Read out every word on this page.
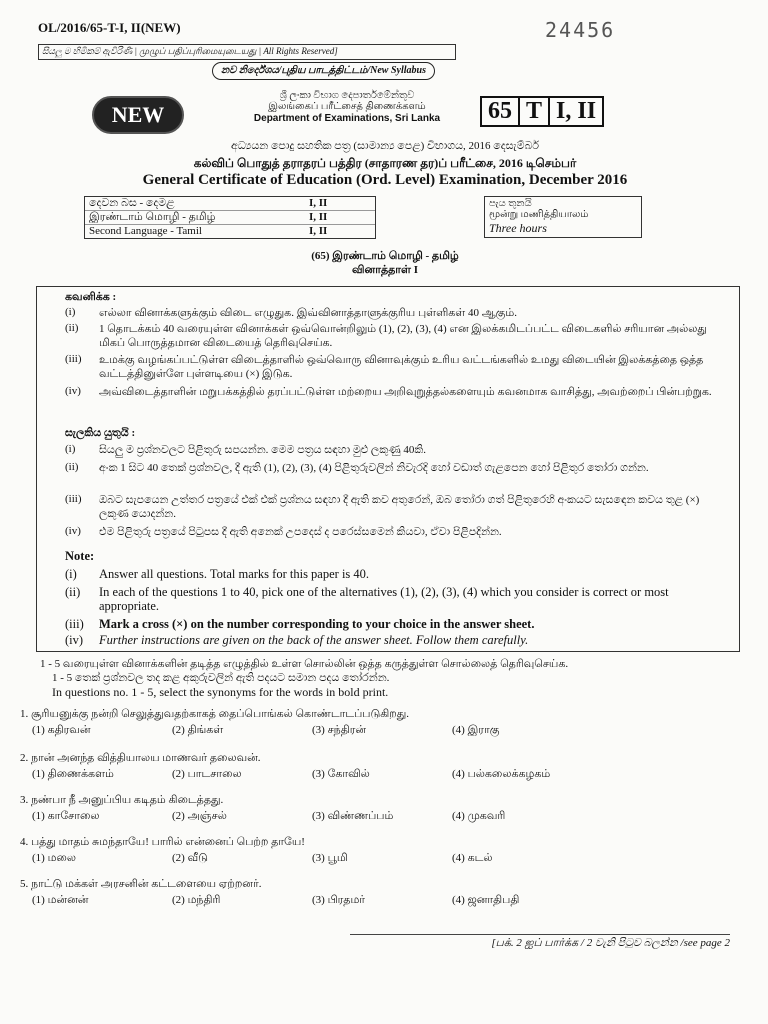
OL/2016/65-T-I, II(NEW)	24456
සියලු ම හිමිකම් ඇවිරිණි | முழுப் பதிப்புரிமையுடையது | All Rights Reserved]
නව නිර්දේශය/புதிய பாடத்திட்டம்/New Syllabus
NEW
ශ්‍රී ලංකා විභාග දෙපාර්තමේන්තුව
இலங்கைப் பரீட்சைத் திணைக்களம்
Department of Examinations, Sri Lanka	65 T I, II
අධ්‍යයන පොදු සහතික පත්‍ර (සාමාන්‍ය පෙළ) විභාගය, 2016 දෙසැම්බර්
கல்விப் பொதுத் தராதரப் பத்திர (சாதாரண தர)ப் பரீட்சை, 2016 டிசெம்பர்
General Certificate of Education (Ord. Level) Examination, December 2016
දෙවන බස - දෙමළ	I, II
இரண்டாம் மொழி - தமிழ்	I, II
Second Language - Tamil	I, II
පැය තුනයි
மூன்று மணித்தியாலம்
Three hours
(65) இரண்டாம் மொழி - தமிழ்
வினாத்தாள் I
கவனிக்க :
(i)	எல்லா வினாக்களுக்கும் விடை எழுதுக. இவ்வினாத்தாளுக்குரிய புள்ளிகள் 40 ஆகும்.
(ii)	1 தொடக்கம் 40 வரையுள்ள வினாக்கள் ஒவ்வொன்றிலும் (1), (2), (3), (4) என இலக்கமிடப்பட்ட விடைகளில் சரியான அல்லது மிகப் பொருத்தமான விடையைத் தெரிவுசெய்க.
(iii)	உமக்கு வழங்கப்பட்டுள்ள விடைத்தாளில் ஒவ்வொரு வினாவுக்கும் உரிய வட்டங்களில் உமது விடையின் இலக்கத்தை ஒத்த வட்டத்தினுள்ளே புள்ளடியை (×) இடுக.
(iv)	அவ்விடைத்தாளின் மறுபக்கத்தில் தரப்பட்டுள்ள மற்றைய அறிவுறுத்தல்களையும் கவனமாக வாசித்து, அவற்றைப் பின்பற்றுக.
සැලකිය යුතුයි :
(i)	සියලු ම ප්‍රශ්නවලට පිළිතුරු සපයන්න. මෙම පත්‍රය සඳහා මුළු ලකුණු 40කි.
(ii)	අංක 1 සිට 40 තෙක් ප්‍රශ්නවල, දී ඇති (1), (2), (3), (4) පිළිතුරුවලින් නිවැරදි හෝ වඩාත් ගැළපෙන හෝ පිළිතුර තෝරා ගන්න.
(iii)	ඔබට සැපයෙන උත්තර පත්‍රයේ එක් එක් ප්‍රශ්නය සඳහා දී ඇති කව අතුරෙන්, ඔබ තෝරා ගත් පිළිතුරෙහි අංකයට සැසඳෙන කවය තුළ (×) ලකුණ යොදන්න.
(iv)	එම පිළිතුරු පත්‍රයේ පිටුපස දී ඇති අනෙක් උපදෙස් ද පරෙස්සමෙන් කියවා, ඒවා පිළිපදින්න.
Note:
(i)	Answer all questions. Total marks for this paper is 40.
(ii)	In each of the questions 1 to 40, pick one of the alternatives (1), (2), (3), (4) which you consider is correct or most appropriate.
(iii)	Mark a cross (×) on the number corresponding to your choice in the answer sheet.
(iv)	Further instructions are given on the back of the answer sheet. Follow them carefully.
1 - 5 வரையுள்ள வினாக்களின் தடித்த எழுத்தில் உள்ள சொல்லின் ஒத்த கருத்துள்ள சொல்லைத் தெரிவுசெய்க.
1 - 5 තෙක් ප්‍රශ්නවල තද කළ අකුරුවලින් ඇති පදයට සමාන පදය තෝරන්න.
In questions no. 1 - 5, select the synonyms for the words in bold print.
1. சூரியனுக்கு நன்றி செலுத்துவதற்காகத் தைப்பொங்கல் கொண்டாடப்படுகிறது.
(1) கதிரவன்	(2) திங்கள்	(3) சந்திரன்	(4) இராகு
2. நான் அனந்த வித்தியாலய மாணவர் தலைவன்.
(1) திணைக்களம்	(2) பாடசாலை	(3) கோவில்	(4) பல்கலைக்கழகம்
3. நண்பா நீ அனுப்பிய கடிதம் கிடைத்தது.
(1) காசோலை	(2) அஞ்சல்	(3) விண்ணப்பம்	(4) முகவரி
4. பத்து மாதம் சுமந்தாயே! பாரில் என்னைப் பெற்ற தாயே!
(1) மலை	(2) வீடு	(3) பூமி	(4) கடல்
5. நாட்டு மக்கள் அரசனின் கட்டளையை ஏற்றனர்.
(1) மன்னன்	(2) மந்திரி	(3) பிரதமர்	(4) ஜனாதிபதி
[பக். 2 ஐப் பார்க்க / 2 වැනි පිටුව බලන්න /see page 2
